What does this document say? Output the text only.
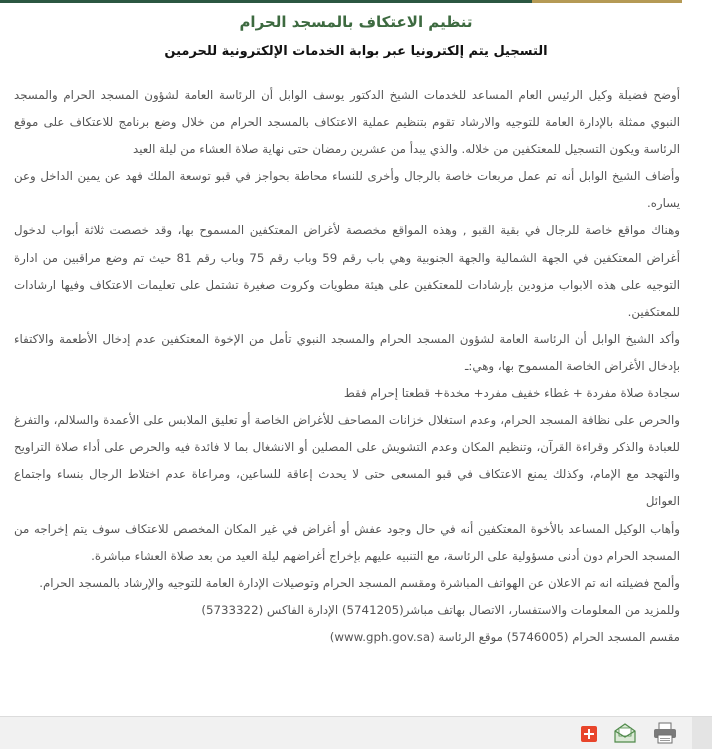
تنظيم الاعتكاف بالمسجد الحرام
التسجيل يتم إلكترونيا عبر بوابة الخدمات الإلكترونية للحرمين

أوضح فضيلة وكيل الرئيس العام المساعد للخدمات الشيخ الدكتور يوسف الوابل أن الرئاسة العامة لشؤون المسجد الحرام والمسجد النبوي ممثلة بالإدارة العامة للتوجيه والارشاد تقوم بتنظيم عملية الاعتكاف بالمسجد الحرام من خلال وضع برنامج للاعتكاف على موقع الرئاسة ويكون التسجيل للمعتكفين من خلاله. والذي يبدأ من عشرين رمضان حتى نهاية صلاة العشاء من ليلة العيد

وأضاف الشيخ الوابل أنه تم عمل مربعات خاصة بالرجال وأخرى للنساء محاطة بحواجز في قبو توسعة الملك فهد عن يمين الداخل وعن يساره.

وهناك مواقع خاصة للرجال في بقية القبو , وهذه المواقع مخصصة لأغراض المعتكفين المسموح بها، وقد خصصت ثلاثة أبواب لدخول أغراض المعتكفين في الجهة الشمالية والجهة الجنوبية وهي باب رقم 59 وباب رقم 75 وباب رقم 81 حيث تم وضع مراقبين من ادارة التوجيه على هذه الابواب مزودين بإرشادات للمعتكفين على هيئة مطويات وكروت صغيرة تشتمل على تعليمات الاعتكاف وفيها ارشادات للمعتكفين.

وأكد الشيخ الوابل أن الرئاسة العامة لشؤون المسجد الحرام والمسجد النبوي تأمل من الإخوة المعتكفين عدم إدخال الأطعمة والاكتفاء بإدخال الأغراض الخاصة المسموح بها، وهي:ـ

سجادة صلاة مفردة + غطاء خفيف مفرد+ مخدة+ قطعتا إحرام فقط

والحرص على نظافة المسجد الحرام، وعدم استغلال خزانات المصاحف للأغراض الخاصة أو تعليق الملابس على الأعمدة والسلالم، والتفرغ للعبادة والذكر وقراءة القرآن، وتنظيم المكان وعدم التشويش على المصلين أو الانشغال بما لا فائدة فيه والحرص على أداء صلاة التراويح والتهجد مع الإمام، وكذلك يمنع الاعتكاف في قبو المسعى حتى لا يحدث إعاقة للساعين، ومراعاة عدم اختلاط الرجال بنساء واجتماع العوائل

وأهاب الوكيل المساعد بالأخوة المعتكفين أنه في حال وجود عفش أو أغراض في غير المكان المخصص للاعتكاف سوف يتم إخراجه من المسجد الحرام دون أدنى مسؤولية على الرئاسة، مع التنبيه عليهم بإخراج أغراضهم ليلة العيد من بعد صلاة العشاء مباشرة.

وألمح فضيلته انه تم الاعلان عن الهواتف المباشرة ومقسم المسجد الحرام وتوصيلات الإدارة العامة للتوجيه والإرشاد بالمسجد الحرام.

وللمزيد من المعلومات والاستفسار، الاتصال بهاتف مباشر(5741205) الإدارة الفاكس (5733322)

مقسم المسجد الحرام (5746005) موقع الرئاسة (www.gph.gov.sa)
